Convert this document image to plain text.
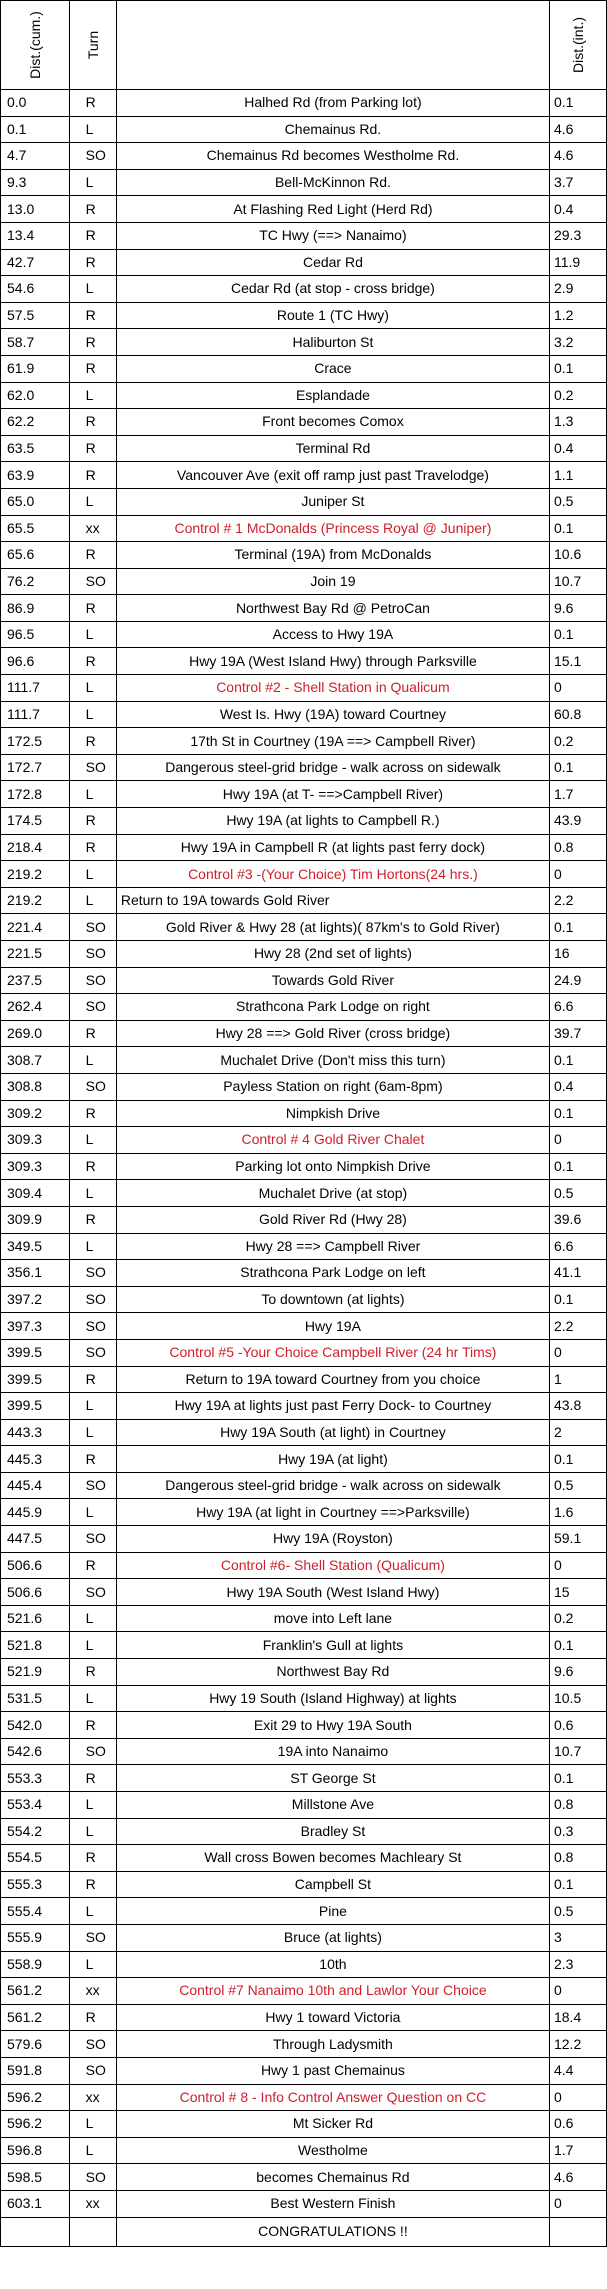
Dist.(cum.)	Turn		Dist.(int.)
0.0	R	Halhed Rd (from Parking lot)	0.1
0.1	L	Chemainus Rd.	4.6
4.7	SO	Chemainus Rd becomes Westholme Rd.	4.6
9.3	L	Bell-McKinnon Rd.	3.7
13.0	R	At Flashing Red Light (Herd Rd)	0.4
13.4	R	TC Hwy (==> Nanaimo)	29.3
42.7	R	Cedar Rd	11.9
54.6	L	Cedar Rd (at stop - cross bridge)	2.9
57.5	R	Route 1 (TC Hwy)	1.2
58.7	R	Haliburton St	3.2
61.9	R	Crace	0.1
62.0	L	Esplandade	0.2
62.2	R	Front becomes Comox	1.3
63.5	R	Terminal Rd	0.4
63.9	R	Vancouver Ave (exit off ramp just past Travelodge)	1.1
65.0	L	Juniper St	0.5
65.5	xx	Control # 1 McDonalds (Princess Royal @ Juniper)	0.1
65.6	R	Terminal (19A) from McDonalds	10.6
76.2	SO	Join 19	10.7
86.9	R	Northwest Bay Rd @ PetroCan	9.6
96.5	L	Access to Hwy 19A	0.1
96.6	R	Hwy 19A (West Island Hwy) through Parksville	15.1
111.7	L	Control #2 - Shell Station in Qualicum	0
111.7	L	West Is. Hwy (19A) toward Courtney	60.8
172.5	R	17th St in Courtney (19A ==> Campbell River)	0.2
172.7	SO	Dangerous steel-grid bridge - walk across on sidewalk	0.1
172.8	L	Hwy 19A (at T- ==>Campbell River)	1.7
174.5	R	Hwy 19A (at lights to Campbell R.)	43.9
218.4	R	Hwy 19A in Campbell R (at lights past ferry dock)	0.8
219.2	L	Control #3 -(Your Choice) Tim Hortons(24 hrs.)	0
219.2	L	Return to 19A towards Gold River	2.2
221.4	SO	Gold River & Hwy 28 (at lights)( 87km's to Gold River)	0.1
221.5	SO	Hwy 28 (2nd set of lights)	16
237.5	SO	Towards Gold River	24.9
262.4	SO	Strathcona Park Lodge on right	6.6
269.0	R	Hwy 28 ==> Gold River (cross bridge)	39.7
308.7	L	Muchalet Drive (Don't miss this turn)	0.1
308.8	SO	Payless Station on right (6am-8pm)	0.4
309.2	R	Nimpkish Drive	0.1
309.3	L	Control # 4 Gold River Chalet	0
309.3	R	Parking lot onto Nimpkish Drive	0.1
309.4	L	Muchalet Drive (at stop)	0.5
309.9	R	Gold River Rd (Hwy 28)	39.6
349.5	L	Hwy 28 ==> Campbell River	6.6
356.1	SO	Strathcona Park Lodge on left	41.1
397.2	SO	To downtown (at lights)	0.1
397.3	SO	Hwy 19A	2.2
399.5	SO	Control #5 -Your Choice Campbell River (24 hr Tims)	0
399.5	R	Return to 19A toward Courtney from you choice	1
399.5	L	Hwy 19A at lights just past Ferry Dock- to Courtney	43.8
443.3	L	Hwy 19A South (at light) in Courtney	2
445.3	R	Hwy 19A (at light)	0.1
445.4	SO	Dangerous steel-grid bridge - walk across on sidewalk	0.5
445.9	L	Hwy 19A (at light in Courtney ==>Parksville)	1.6
447.5	SO	Hwy 19A (Royston)	59.1
506.6	R	Control #6- Shell Station (Qualicum)	0
506.6	SO	Hwy 19A South (West Island Hwy)	15
521.6	L	move into Left lane	0.2
521.8	L	Franklin's Gull at lights	0.1
521.9	R	Northwest Bay Rd	9.6
531.5	L	Hwy 19 South (Island Highway) at lights	10.5
542.0	R	Exit 29 to Hwy 19A South	0.6
542.6	SO	19A into Nanaimo	10.7
553.3	R	ST George St	0.1
553.4	L	Millstone Ave	0.8
554.2	L	Bradley St	0.3
554.5	R	Wall cross Bowen becomes Machleary St	0.8
555.3	R	Campbell St	0.1
555.4	L	Pine	0.5
555.9	SO	Bruce (at lights)	3
558.9	L	10th	2.3
561.2	xx	Control #7 Nanaimo 10th and Lawlor Your Choice	0
561.2	R	Hwy 1 toward Victoria	18.4
579.6	SO	Through Ladysmith	12.2
591.8	SO	Hwy 1 past Chemainus	4.4
596.2	xx	Control # 8 - Info Control Answer Question on CC	0
596.2	L	Mt Sicker Rd	0.6
596.8	L	Westholme	1.7
598.5	SO	becomes Chemainus Rd	4.6
603.1	xx	Best Western Finish	0
		CONGRATULATIONS !!	
